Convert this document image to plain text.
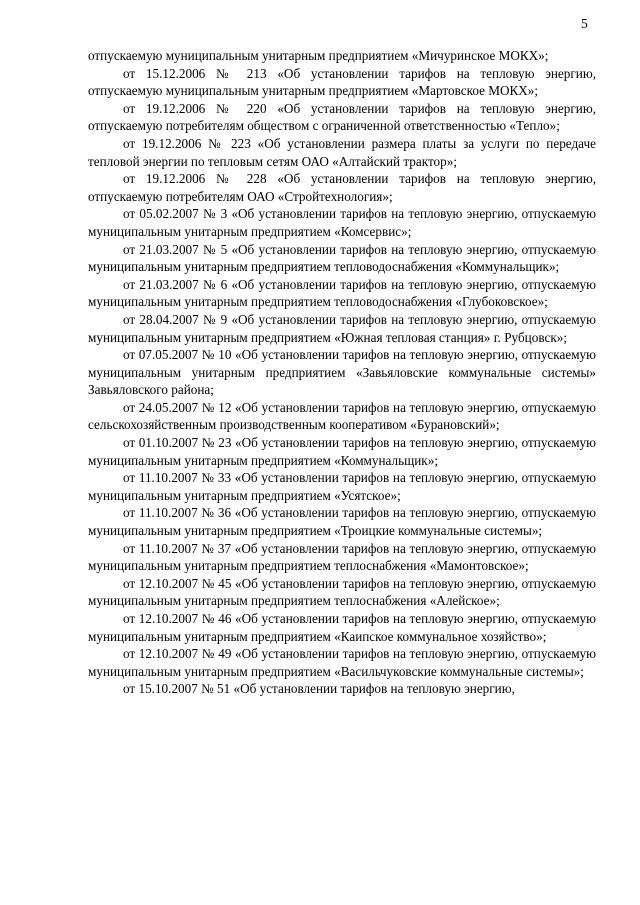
5

отпускаемую муниципальным унитарным предприятием «Мичуринское МОКХ»;

от 15.12.2006 № 213 «Об установлении тарифов на тепловую энергию, отпускаемую муниципальным унитарным предприятием «Мартовское МОКХ»;

от 19.12.2006 № 220 «Об установлении тарифов на тепловую энергию, отпускаемую потребителям обществом с ограниченной ответственностью «Тепло»;

от 19.12.2006 № 223 «Об установлении размера платы за услуги по передаче тепловой энергии по тепловым сетям ОАО «Алтайский трактор»;

от 19.12.2006 № 228 «Об установлении тарифов на тепловую энергию, отпускаемую потребителям ОАО «Стройтехнология»;

от 05.02.2007 № 3 «Об установлении тарифов на тепловую энергию, отпускаемую муниципальным унитарным предприятием «Комсервис»;

от 21.03.2007 № 5 «Об установлении тарифов на тепловую энергию, отпускаемую муниципальным унитарным предприятием тепловодоснабжения «Коммунальщик»;

от 21.03.2007 № 6 «Об установлении тарифов на тепловую энергию, отпускаемую муниципальным унитарным предприятием тепловодоснабжения «Глубоковское»;

от 28.04.2007 № 9 «Об установлении тарифов на тепловую энергию, отпускаемую муниципальным унитарным предприятием «Южная тепловая станция» г. Рубцовск»;

от 07.05.2007 № 10 «Об установлении тарифов на тепловую энергию, отпускаемую муниципальным унитарным предприятием «Завьяловские коммунальные системы» Завьяловского района;

от 24.05.2007 № 12 «Об установлении тарифов на тепловую энергию, отпускаемую сельскохозяйственным производственным кооперативом «Бурановский»;

от 01.10.2007 № 23 «Об установлении тарифов на тепловую энергию, отпускаемую муниципальным унитарным предприятием «Коммунальщик»;

от 11.10.2007 № 33 «Об установлении тарифов на тепловую энергию, отпускаемую муниципальным унитарным предприятием «Усятское»;

от 11.10.2007 № 36 «Об установлении тарифов на тепловую энергию, отпускаемую муниципальным унитарным предприятием «Троицкие коммунальные системы»;

от 11.10.2007 № 37 «Об установлении тарифов на тепловую энергию, отпускаемую муниципальным унитарным предприятием теплоснабжения «Мамонтовское»;

от 12.10.2007 № 45 «Об установлении тарифов на тепловую энергию, отпускаемую муниципальным унитарным предприятием теплоснабжения «Алейское»;

от 12.10.2007 № 46 «Об установлении тарифов на тепловую энергию, отпускаемую муниципальным унитарным предприятием «Каипское коммунальное хозяйство»;

от 12.10.2007 № 49 «Об установлении тарифов на тепловую энергию, отпускаемую муниципальным унитарным предприятием «Васильчуковские коммунальные системы»;

от 15.10.2007 № 51 «Об установлении тарифов на тепловую энергию,
